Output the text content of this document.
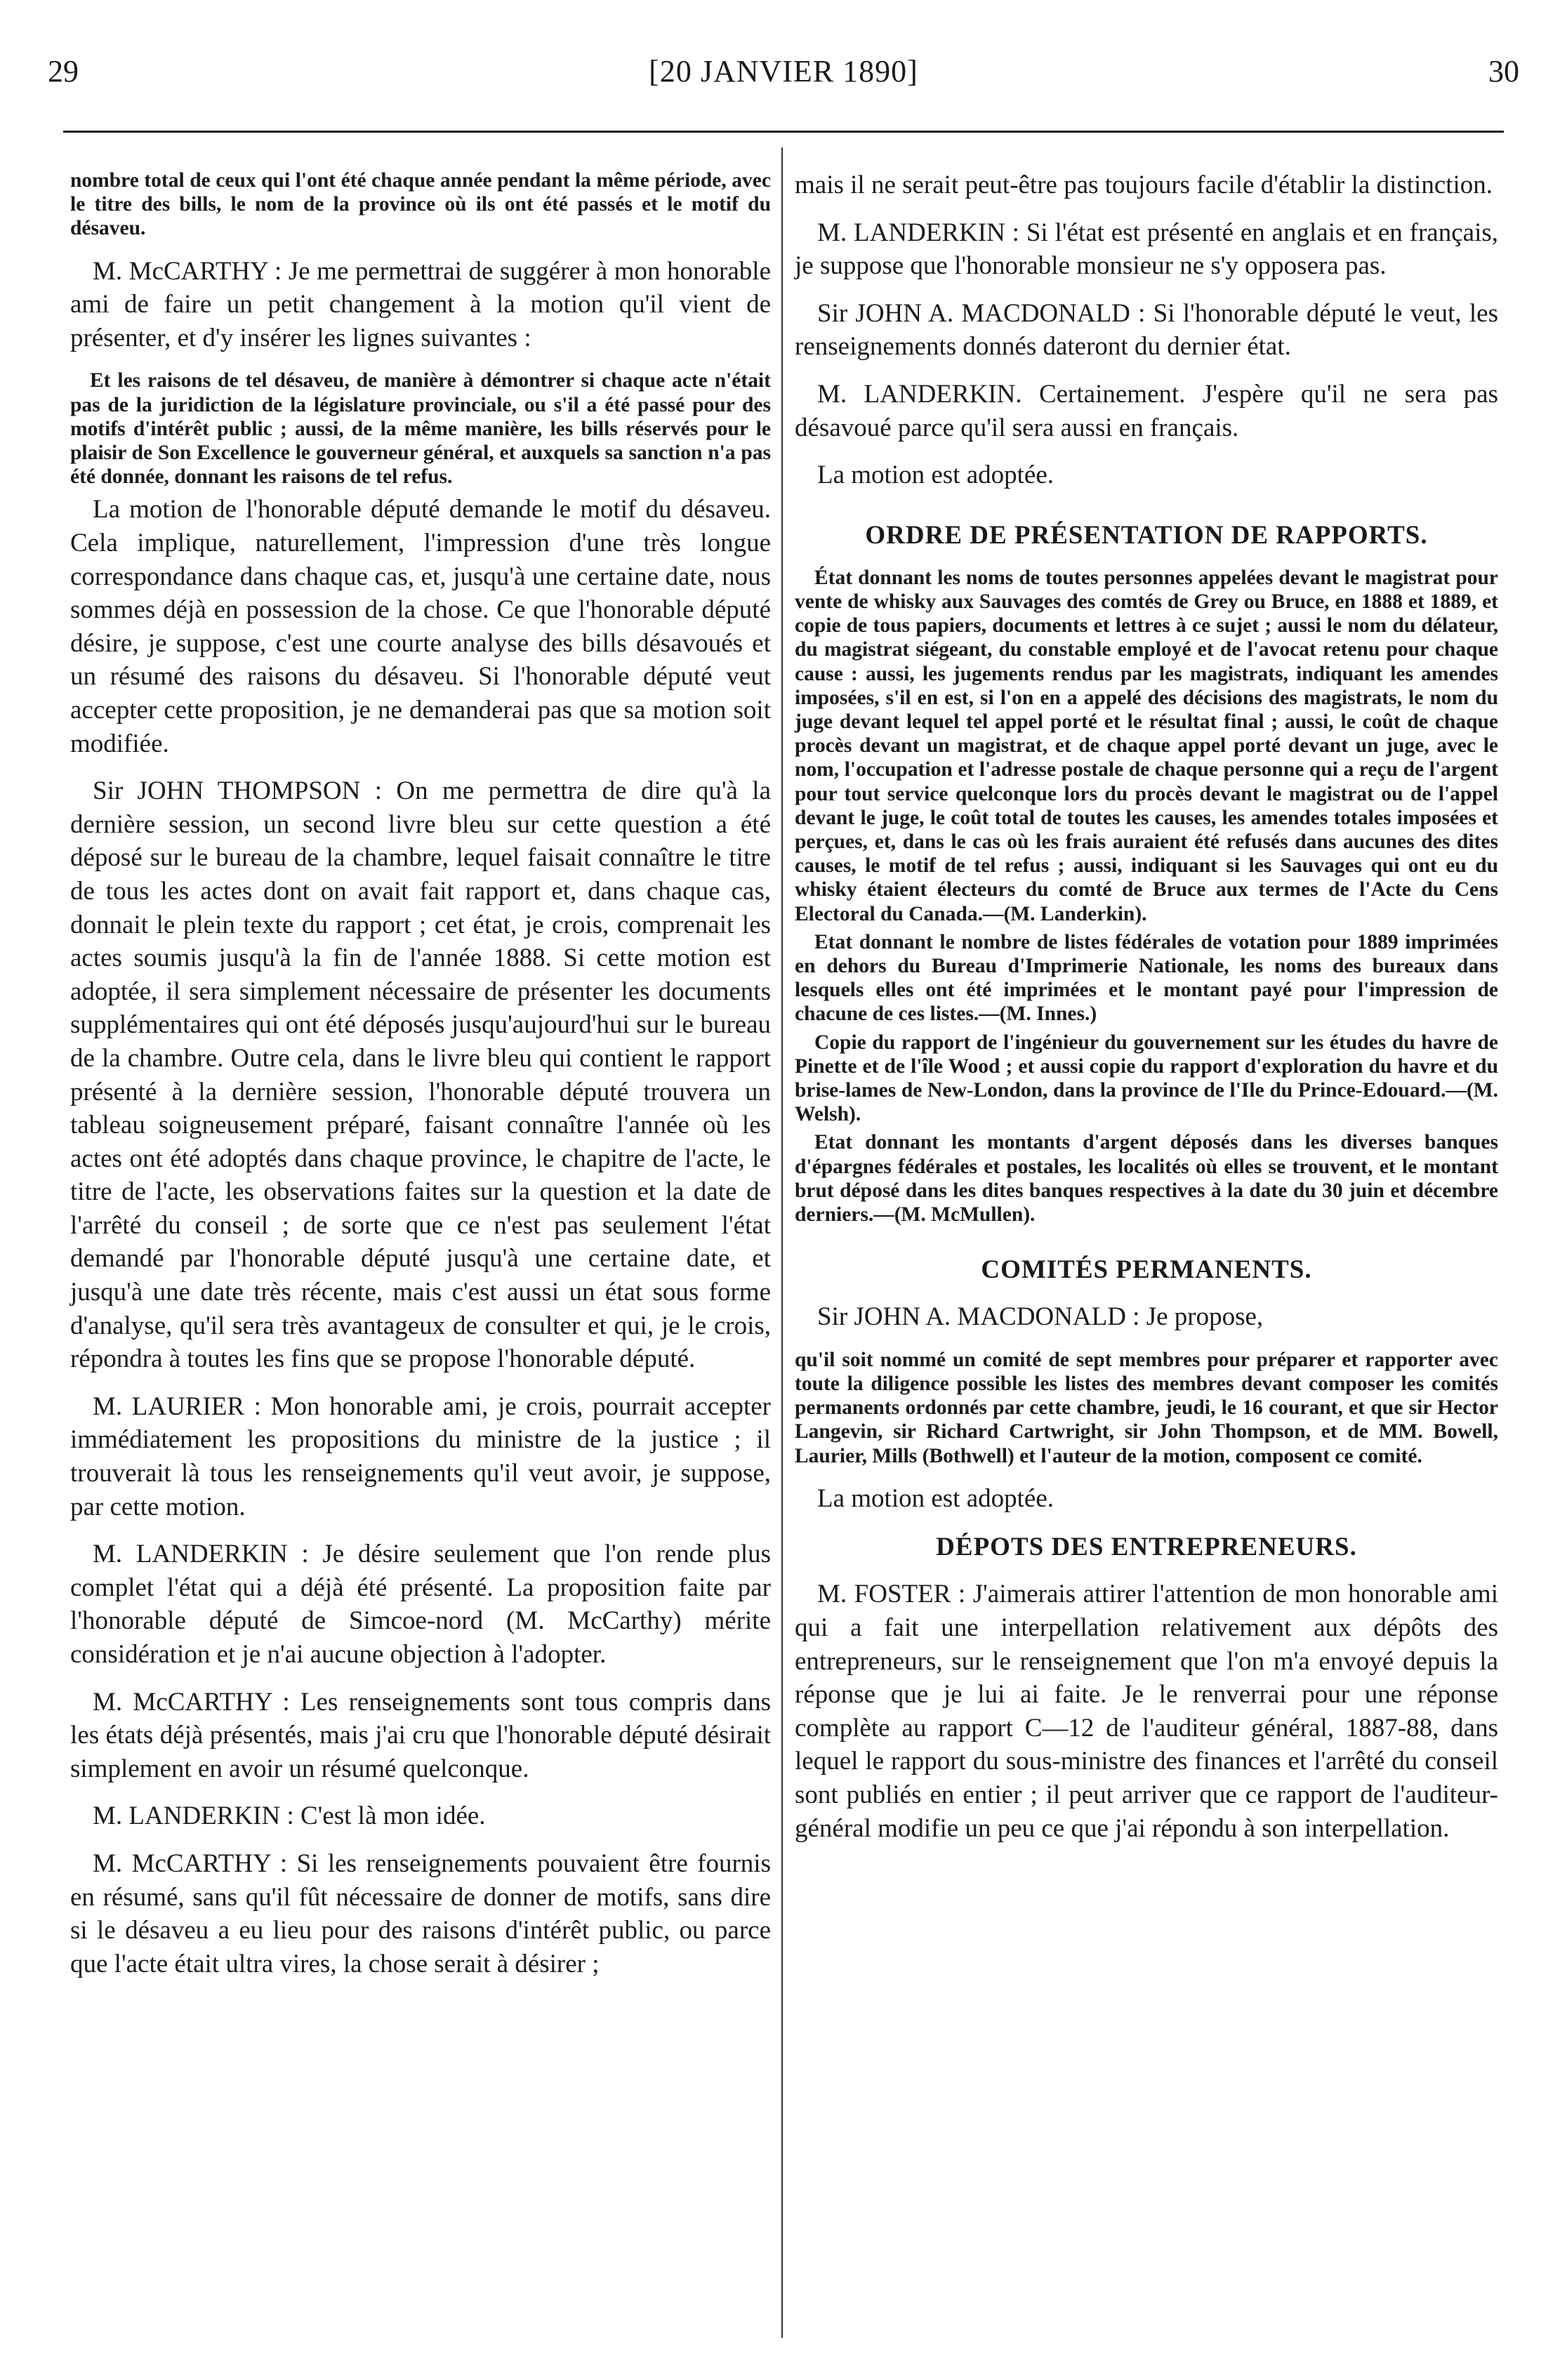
29	[20 JANVIER 1890]	30

nombre total de ceux qui l'ont été chaque année pendant la même période, avec le titre des bills, le nom de la province où ils ont été passés et le motif du désaveu.

M. McCARTHY : Je me permettrai de suggérer à mon honorable ami de faire un petit changement à la motion qu'il vient de présenter, et d'y insérer les lignes suivantes :

Et les raisons de tel désaveu, de manière à démontrer si chaque acte n'était pas de la juridiction de la législature provinciale, ou s'il a été passé pour des motifs d'intérêt public ; aussi, de la même manière, les bills réservés pour le plaisir de Son Excellence le gouverneur général, et auxquels sa sanction n'a pas été donnée, donnant les raisons de tel refus.

La motion de l'honorable député demande le motif du désaveu. Cela implique, naturellement, l'impression d'une très longue correspondance dans chaque cas, et, jusqu'à une certaine date, nous sommes déjà en possession de la chose. Ce que l'honorable député désire, je suppose, c'est une courte analyse des bills désavoués et un résumé des raisons du désaveu. Si l'honorable député veut accepter cette proposition, je ne demanderai pas que sa motion soit modifiée.

Sir JOHN THOMPSON : On me permettra de dire qu'à la dernière session, un second livre bleu sur cette question a été déposé sur le bureau de la chambre, lequel faisait connaître le titre de tous les actes dont on avait fait rapport et, dans chaque cas, donnait le plein texte du rapport ; cet état, je crois, comprenait les actes soumis jusqu'à la fin de l'année 1888. Si cette motion est adoptée, il sera simplement nécessaire de présenter les documents supplémentaires qui ont été déposés jusqu'aujourd'hui sur le bureau de la chambre. Outre cela, dans le livre bleu qui contient le rapport présenté à la dernière session, l'honorable député trouvera un tableau soigneusement préparé, faisant connaître l'année où les actes ont été adoptés dans chaque province, le chapitre de l'acte, le titre de l'acte, les observations faites sur la question et la date de l'arrêté du conseil ; de sorte que ce n'est pas seulement l'état demandé par l'honorable député jusqu'à une certaine date, et jusqu'à une date très récente, mais c'est aussi un état sous forme d'analyse, qu'il sera très avantageux de consulter et qui, je le crois, répondra à toutes les fins que se propose l'honorable député.

M. LAURIER : Mon honorable ami, je crois, pourrait accepter immédiatement les propositions du ministre de la justice ; il trouverait là tous les renseignements qu'il veut avoir, je suppose, par cette motion.

M. LANDERKIN : Je désire seulement que l'on rende plus complet l'état qui a déjà été présenté. La proposition faite par l'honorable député de Simcoe-nord (M. McCarthy) mérite considération et je n'ai aucune objection à l'adopter.

M. McCARTHY : Les renseignements sont tous compris dans les états déjà présentés, mais j'ai cru que l'honorable député désirait simplement en avoir un résumé quelconque.

M. LANDERKIN : C'est là mon idée.

M. McCARTHY : Si les renseignements pouvaient être fournis en résumé, sans qu'il fût nécessaire de donner de motifs, sans dire si le désaveu a eu lieu pour des raisons d'intérêt public, ou parce que l'acte était ultra vires, la chose serait à désirer ;

mais il ne serait peut-être pas toujours facile d'établir la distinction.

M. LANDERKIN : Si l'état est présenté en anglais et en français, je suppose que l'honorable monsieur ne s'y opposera pas.

Sir JOHN A. MACDONALD : Si l'honorable député le veut, les renseignements donnés dateront du dernier état.

M. LANDERKIN. Certainement. J'espère qu'il ne sera pas désavoué parce qu'il sera aussi en français.

La motion est adoptée.

ORDRE DE PRÉSENTATION DE RAPPORTS.

État donnant les noms de toutes personnes appelées devant le magistrat pour vente de whisky aux Sauvages des comtés de Grey ou Bruce, en 1888 et 1889, et copie de tous papiers, documents et lettres à ce sujet ; aussi le nom du délateur, du magistrat siégeant, du constable employé et de l'avocat retenu pour chaque cause : aussi, les jugements rendus par les magistrats, indiquant les amendes imposées, s'il en est, si l'on en a appelé des décisions des magistrats, le nom du juge devant lequel tel appel porté et le résultat final ; aussi, le coût de chaque procès devant un magistrat, et de chaque appel porté devant un juge, avec le nom, l'occupation et l'adresse postale de chaque personne qui a reçu de l'argent pour tout service quelconque lors du procès devant le magistrat ou de l'appel devant le juge, le coût total de toutes les causes, les amendes totales imposées et perçues, et, dans le cas où les frais auraient été refusés dans aucunes des dites causes, le motif de tel refus ; aussi, indiquant si les Sauvages qui ont eu du whisky étaient électeurs du comté de Bruce aux termes de l'Acte du Cens Electoral du Canada.—(M. Landerkin).

Etat donnant le nombre de listes fédérales de votation pour 1889 imprimées en dehors du Bureau d'Imprimerie Nationale, les noms des bureaux dans lesquels elles ont été imprimées et le montant payé pour l'impression de chacune de ces listes.—(M. Innes.)

Copie du rapport de l'ingénieur du gouvernement sur les études du havre de Pinette et de l'île Wood ; et aussi copie du rapport d'exploration du havre et du brise-lames de New-London, dans la province de l'Ile du Prince-Edouard.—(M. Welsh).

Etat donnant les montants d'argent déposés dans les diverses banques d'épargnes fédérales et postales, les localités où elles se trouvent, et le montant brut déposé dans les dites banques respectives à la date du 30 juin et décembre derniers.—(M. McMullen).

COMITÉS PERMANENTS.

Sir JOHN A. MACDONALD : Je propose,

qu'il soit nommé un comité de sept membres pour préparer et rapporter avec toute la diligence possible les listes des membres devant composer les comités permanents ordonnés par cette chambre, jeudi, le 16 courant, et que sir Hector Langevin, sir Richard Cartwright, sir John Thompson, et de MM. Bowell, Laurier, Mills (Bothwell) et l'auteur de la motion, composent ce comité.

La motion est adoptée.

DÉPOTS DES ENTREPRENEURS.

M. FOSTER : J'aimerais attirer l'attention de mon honorable ami qui a fait une interpellation relativement aux dépôts des entrepreneurs, sur le renseignement que l'on m'a envoyé depuis la réponse que je lui ai faite. Je le renverrai pour une réponse complète au rapport C—12 de l'auditeur général, 1887-88, dans lequel le rapport du sous-ministre des finances et l'arrêté du conseil sont publiés en entier ; il peut arriver que ce rapport de l'auditeur-général modifie un peu ce que j'ai répondu à son interpellation.
